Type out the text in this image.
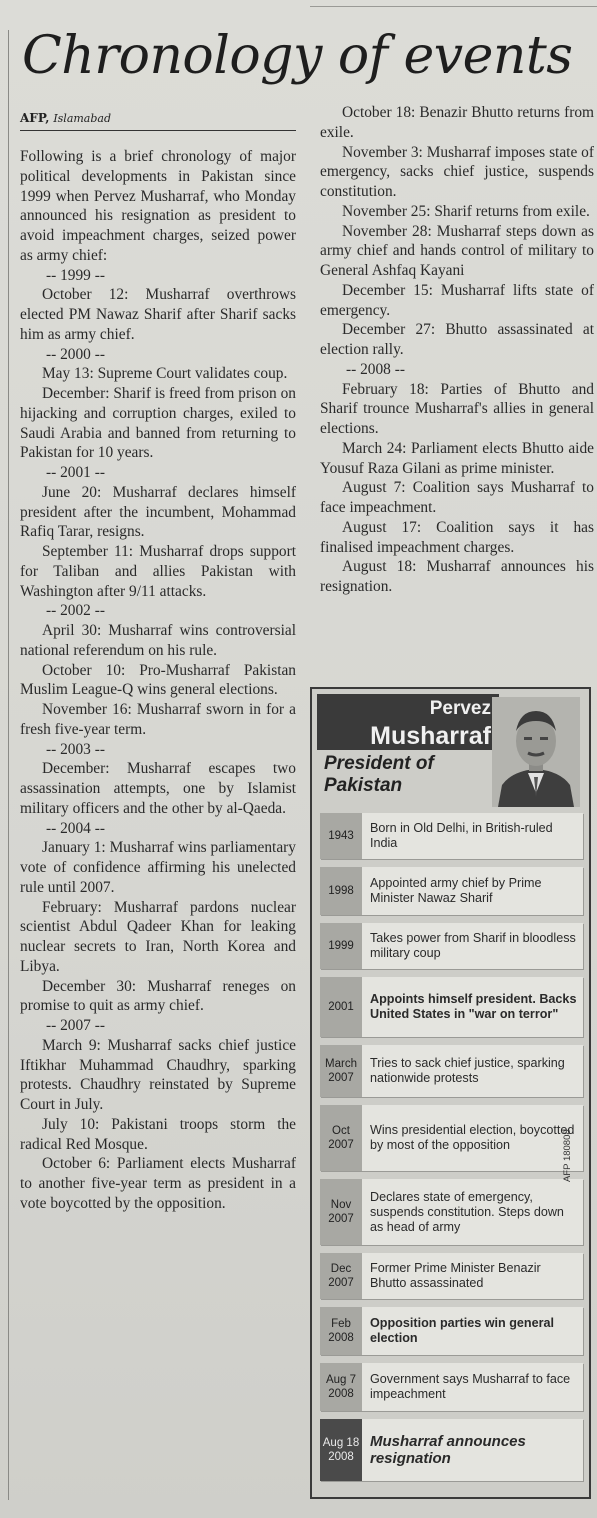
Chronology of events
AFP, Islamabad

Following is a brief chronology of major political developments in Pakistan since 1999 when Pervez Musharraf, who Monday announced his resignation as president to avoid impeachment charges, seized power as army chief:

-- 1999 --

October 12: Musharraf overthrows elected PM Nawaz Sharif after Sharif sacks him as army chief.

-- 2000 --

May 13: Supreme Court validates coup.

December: Sharif is freed from prison on hijacking and corruption charges, exiled to Saudi Arabia and banned from returning to Pakistan for 10 years.

-- 2001 --

June 20: Musharraf declares himself president after the incumbent, Mohammad Rafiq Tarar, resigns.

September 11: Musharraf drops support for Taliban and allies Pakistan with Washington after 9/11 attacks.

-- 2002 --

April 30: Musharraf wins controversial national referendum on his rule.

October 10: Pro-Musharraf Pakistan Muslim League-Q wins general elections.

November 16: Musharraf sworn in for a fresh five-year term.

-- 2003 --

December: Musharraf escapes two assassination attempts, one by Islamist military officers and the other by al-Qaeda.

-- 2004 --

January 1: Musharraf wins parliamentary vote of confidence affirming his unelected rule until 2007.

February: Musharraf pardons nuclear scientist Abdul Qadeer Khan for leaking nuclear secrets to Iran, North Korea and Libya.

December 30: Musharraf reneges on promise to quit as army chief.

-- 2007 --

March 9: Musharraf sacks chief justice Iftikhar Muhammad Chaudhry, sparking protests. Chaudhry reinstated by Supreme Court in July.

July 10: Pakistani troops storm the radical Red Mosque.

October 6: Parliament elects Musharraf to another five-year term as president in a vote boycotted by the opposition.

October 18: Benazir Bhutto returns from exile.

November 3: Musharraf imposes state of emergency, sacks chief justice, suspends constitution.

November 25: Sharif returns from exile.

November 28: Musharraf steps down as army chief and hands control of military to General Ashfaq Kayani

December 15: Musharraf lifts state of emergency.

December 27: Bhutto assassinated at election rally.

-- 2008 --

February 18: Parties of Bhutto and Sharif trounce Musharraf's allies in general elections.

March 24: Parliament elects Bhutto aide Yousuf Raza Gilani as prime minister.

August 7: Coalition says Musharraf to face impeachment.

August 17: Coalition says it has finalised impeachment charges.

August 18: Musharraf announces his resignation.

Pervez
Musharraf
President of Pakistan
1943
Born in Old Delhi, in British-ruled India
1998
Appointed army chief by Prime Minister Nawaz Sharif
1999
Takes power from Sharif in bloodless military coup
2001
Appoints himself president. Backs United States in "war on terror"
March 2007
Tries to sack chief justice, sparking nationwide protests
Oct 2007
Wins presidential election, boycotted by most of the opposition
Nov 2007
Declares state of emergency, suspends constitution. Steps down as head of army
Dec 2007
Former Prime Minister Benazir Bhutto assassinated
Feb 2008
Opposition parties win general election
Aug 7 2008
Government says Musharraf to face impeachment
Aug 18 2008
Musharraf announces resignation
AFP 180808
